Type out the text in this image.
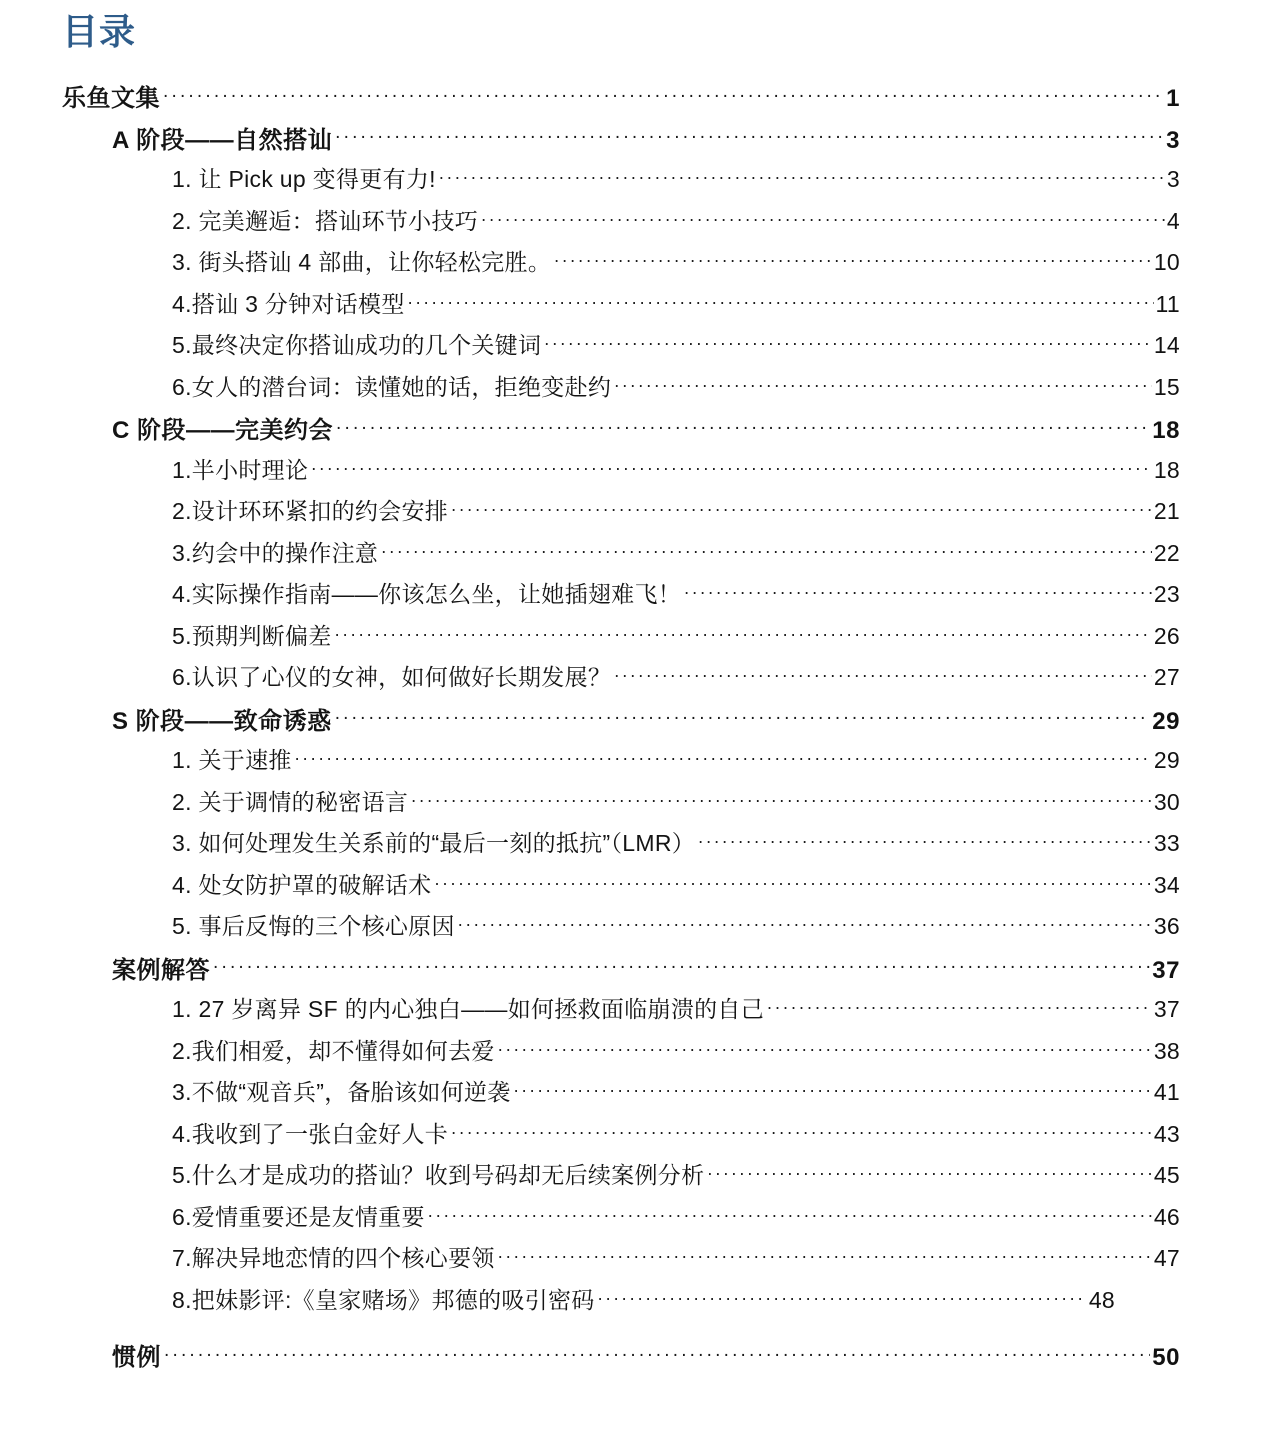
目录
乐鱼文集 .....	1
A 阶段——自然搭讪 .....	3
1. 让 Pick up 变得更有力! .....	3
2. 完美邂逅：搭讪环节小技巧 .....	4
3. 街头搭讪 4 部曲，让你轻松完胜。 .....	10
4.搭讪 3 分钟对话模型 .....	11
5.最终决定你搭讪成功的几个关键词 .....	14
6.女人的潜台词：读懂她的话，拒绝变赴约 .....	15
C 阶段——完美约会 .....	18
1.半小时理论 .....	18
2.设计环环紧扣的约会安排 .....	21
3.约会中的操作注意 .....	22
4.实际操作指南——你该怎么坐，让她插翅难飞！ .....	23
5.预期判断偏差 .....	26
6.认识了心仪的女神，如何做好长期发展？ .....	27
S 阶段——致命诱惑 .....	29
1. 关于速推 .....	29
2. 关于调情的秘密语言 .....	30
3. 如何处理发生关系前的“最后一刻的抵抗”（LMR） .....	33
4. 处女防护罩的破解话术 .....	34
5. 事后反悔的三个核心原因 .....	36
案例解答 .....	37
1. 27 岁离异 SF 的内心独白——如何拯救面临崩溃的自己 .....	37
2.我们相爱，却不懂得如何去爱 .....	38
3.不做“观音兵”，备胎该如何逆袭 .....	41
4.我收到了一张白金好人卡 .....	43
5.什么才是成功的搭讪？收到号码却无后续案例分析 .....	45
6.爱情重要还是友情重要 .....	46
7.解决异地恋情的四个核心要领 .....	47
8.把妹影评:《皇家赌场》邦德的吸引密码 .....	48
惯例 .....	50
